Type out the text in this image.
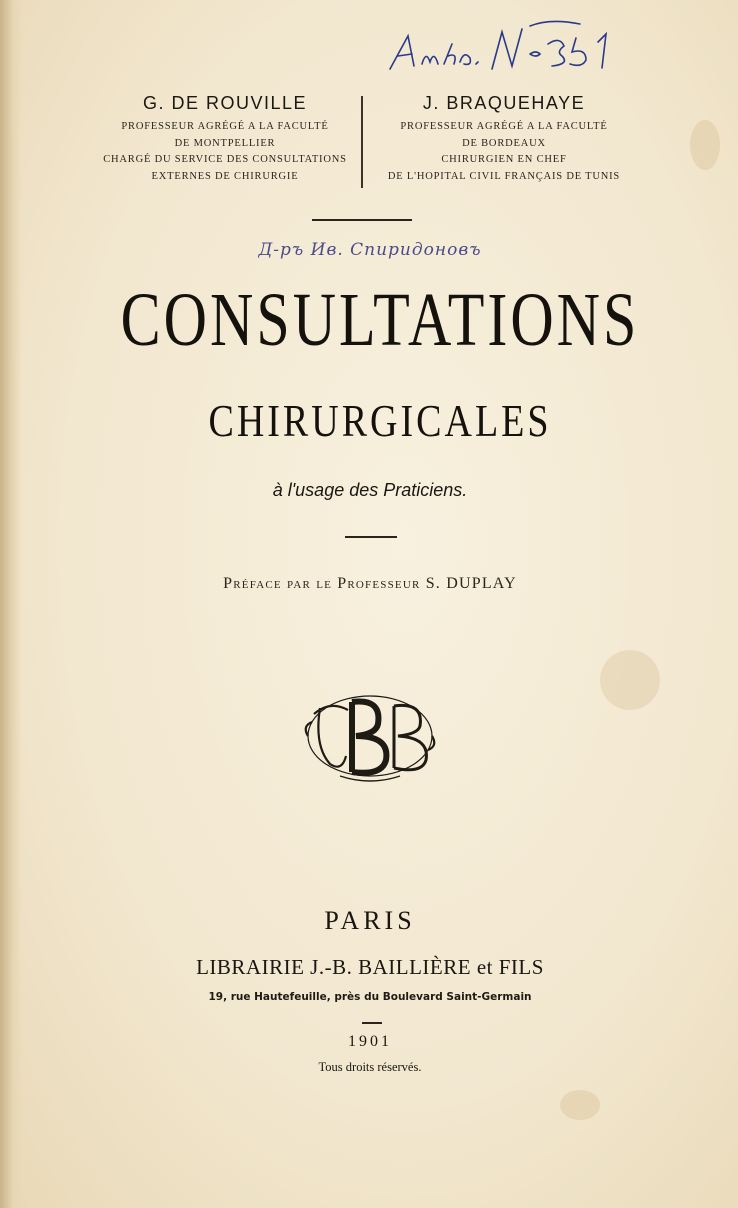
G. DE ROUVILLE
PROFESSEUR AGRÉGÉ A LA FACULTÉ
DE MONTPELLIER
CHARGÉ DU SERVICE DES CONSULTATIONS
EXTERNES DE CHIRURGIE
J. BRAQUEHAYE
PROFESSEUR AGRÉGÉ A LA FACULTÉ
DE BORDEAUX
CHIRURGIEN EN CHEF
DE L'HOPITAL CIVIL FRANÇAIS DE TUNIS
Д-ръ Ив. Спиридоновъ
CONSULTATIONS
CHIRURGICALES
à l'usage des Praticiens.
Préface par le Professeur S. DUPLAY
PARIS
LIBRAIRIE J.-B. BAILLIÈRE et FILS
19, rue Hautefeuille, près du Boulevard Saint-Germain
1901
Tous droits réservés.
